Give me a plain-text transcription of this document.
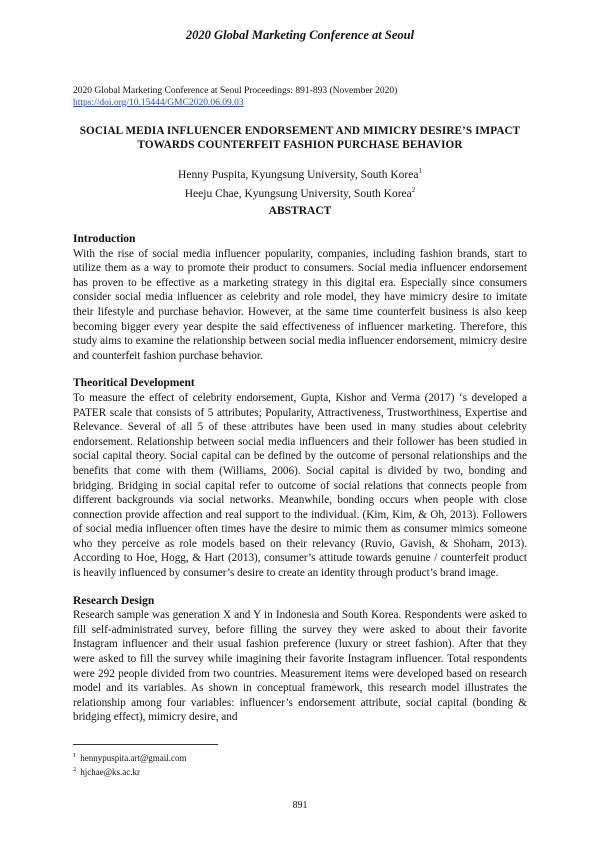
2020 Global Marketing Conference at Seoul
2020 Global Marketing Conference at Seoul Proceedings: 891-893 (November 2020)
https://doi.org/10.15444/GMC2020.06.09.03
SOCIAL MEDIA INFLUENCER ENDORSEMENT AND MIMICRY DESIRE’S IMPACT TOWARDS COUNTERFEIT FASHION PURCHASE BEHAVIOR
Henny Puspita, Kyungsung University, South Korea$^1$
Heeju Chae, Kyungsung University, South Korea$^2$
ABSTRACT
Introduction

With the rise of social media influencer popularity, companies, including fashion brands, start to utilize them as a way to promote their product to consumers. Social media influencer endorsement has proven to be effective as a marketing strategy in this digital era. Especially since consumers consider social media influencer as celebrity and role model, they have mimicry desire to imitate their lifestyle and purchase behavior. However, at the same time counterfeit business is also keep becoming bigger every year despite the said effectiveness of influencer marketing. Therefore, this study aims to examine the relationship between social media influencer endorsement, mimicry desire and counterfeit fashion purchase behavior.

Theoritical Development

To measure the effect of celebrity endorsement, Gupta, Kishor and Verma (2017) ‘s developed a PATER scale that consists of 5 attributes; Popularity, Attractiveness, Trustworthiness, Expertise and Relevance. Several of all 5 of these attributes have been used in many studies about celebrity endorsement. Relationship between social media influencers and their follower has been studied in social capital theory. Social capital can be defined by the outcome of personal relationships and the benefits that come with them (Williams, 2006). Social capital is divided by two, bonding and bridging. Bridging in social capital refer to outcome of social relations that connects people from different backgrounds via social networks. Meanwhile, bonding occurs when people with close connection provide affection and real support to the individual. (Kim, Kim, & Oh, 2013). Followers of social media influencer often times have the desire to mimic them as consumer mimics someone who they perceive as role models based on their relevancy (Ruvio, Gavish, & Shoham, 2013). According to Hoe, Hogg, & Hart (2013), consumer’s attitude towards genuine / counterfeit product is heavily influenced by consumer’s desire to create an identity through product’s brand image.

Research Design

Research sample was generation X and Y in Indonesia and South Korea. Respondents were asked to fill self-administrated survey, before filling the survey they were asked to about their favorite Instagram influencer and their usual fashion preference (luxury or street fashion). After that they were asked to fill the survey while imagining their favorite Instagram influencer. Total respondents were 292 people divided from two countries. Measurement items were developed based on research model and its variables. As shown in conceptual framework, this research model illustrates the relationship among four variables: influencer’s endorsement attribute, social capital (bonding & bridging effect), mimicry desire, and

$^1$ hennypuspita.art@gmail.com
$^2$ hjchae@ks.ac.kr
891
